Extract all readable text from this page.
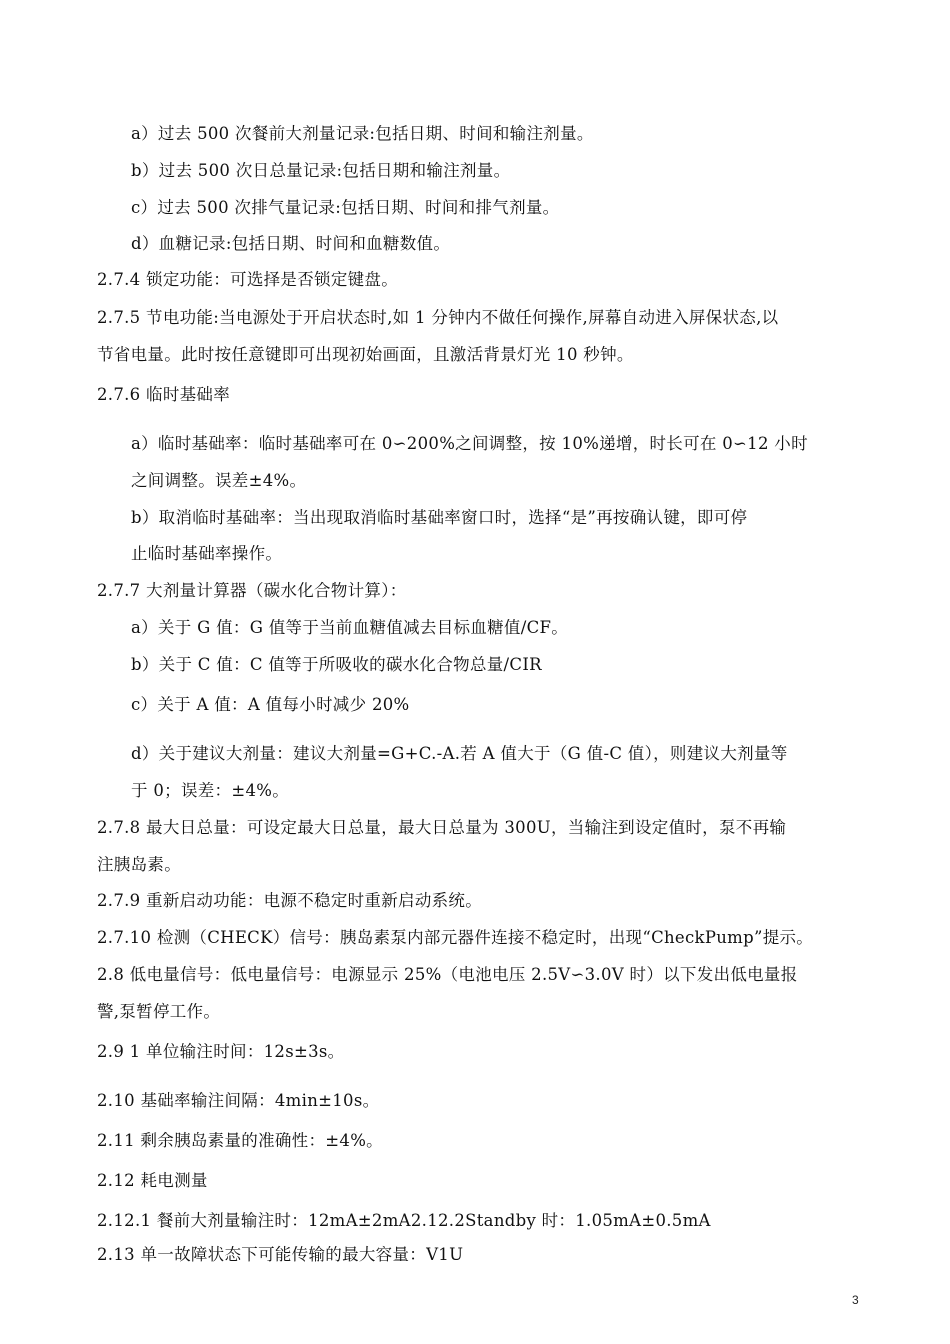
a）过去 500 次餐前大剂量记录:包括日期、时间和输注剂量。
b）过去 500 次日总量记录:包括日期和输注剂量。
c）过去 500 次排气量记录:包括日期、时间和排气剂量。
d）血糖记录:包括日期、时间和血糖数值。
2.7.4 锁定功能：可选择是否锁定键盘。
2.7.5 节电功能:当电源处于开启状态时,如 1 分钟内不做任何操作,屏幕自动进入屏保状态,以
节省电量。此时按任意键即可出现初始画面，且激活背景灯光 10 秒钟。
2.7.6 临时基础率
a）临时基础率：临时基础率可在 0∽200%之间调整，按 10%递增，时长可在 0∽12 小时
之间调整。误差±4%。
b）取消临时基础率：当出现取消临时基础率窗口时，选择“是”再按确认键，即可停
止临时基础率操作。
2.7.7 大剂量计算器（碳水化合物计算）：
a）关于 G 值：G 值等于当前血糖值减去目标血糖值/CF。
b）关于 C 值：C 值等于所吸收的碳水化合物总量/CIR
c）关于 A 值：A 值每小时减少 20%
d）关于建议大剂量：建议大剂量=G+C.-A.若 A 值大于（G 值-C 值），则建议大剂量等
于 0；误差：±4%。
2.7.8 最大日总量：可设定最大日总量，最大日总量为 300U，当输注到设定值时，泵不再输
注胰岛素。
2.7.9 重新启动功能：电源不稳定时重新启动系统。
2.7.10 检测（CHECK）信号：胰岛素泵内部元器件连接不稳定时，出现“CheckPump”提示。
2.8 低电量信号：低电量信号：电源显示 25%（电池电压 2.5V∽3.0V 时）以下发出低电量报
警,泵暂停工作。
2.9 1 单位输注时间：12s±3s。
2.10 基础率输注间隔：4min±10s。
2.11 剩余胰岛素量的准确性：±4%。
2.12 耗电测量
2.12.1 餐前大剂量输注时：12mA±2mA2.12.2Standby 时：1.05mA±0.5mA
2.13 单一故障状态下可能传输的最大容量：V1U
3
